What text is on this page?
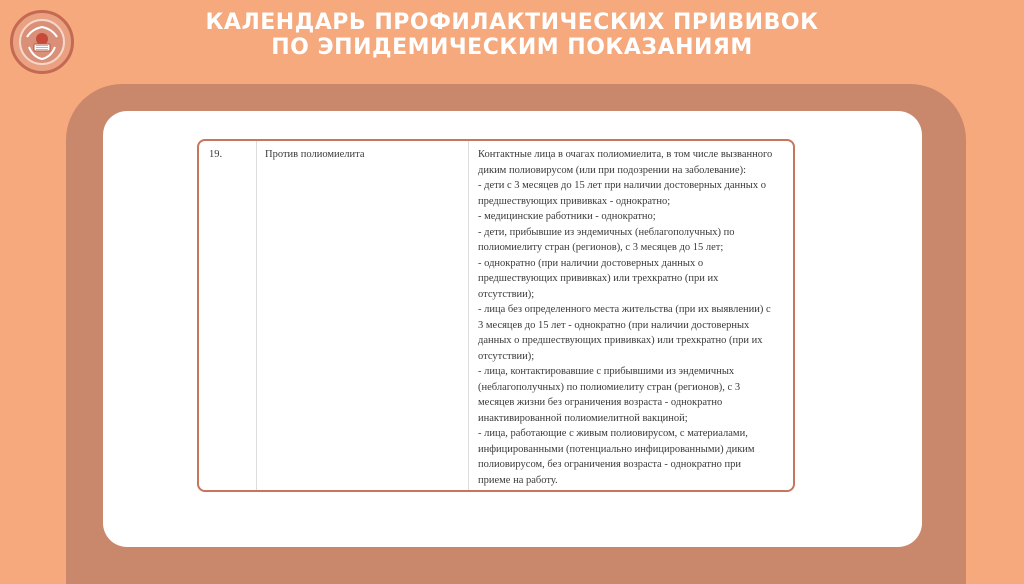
КАЛЕНДАРЬ ПРОФИЛАКТИЧЕСКИХ ПРИВИВОК ПО ЭПИДЕМИЧЕСКИМ ПОКАЗАНИЯМ
19.	Против полиомиелита	Контактные лица в очагах полиомиелита, в том числе вызванного
диким полиовирусом (или при подозрении на заболевание):
- дети с 3 месяцев до 15 лет при наличии достоверных данных о
предшествующих прививках - однократно;
- медицинские работники - однократно;
- дети, прибывшие из эндемичных (неблагополучных) по
полиомиелиту стран (регионов), с 3 месяцев до 15 лет;
- однократно (при наличии достоверных данных о
предшествующих прививках) или трехкратно (при их
отсутствии);
- лица без определенного места жительства (при их выявлении) с
3 месяцев до 15 лет - однократно (при наличии достоверных
данных о предшествующих прививках) или трехкратно (при их
отсутствии);
- лица, контактировавшие с прибывшими из эндемичных
(неблагополучных) по полиомиелиту стран (регионов), с 3
месяцев жизни без ограничения возраста - однократно
инактивированной полиомиелитной вакциной;
- лица, работающие с живым полиовирусом, с материалами,
инфицированными (потенциально инфицированными) диким
полиовирусом, без ограничения возраста - однократно при
приеме на работу.
